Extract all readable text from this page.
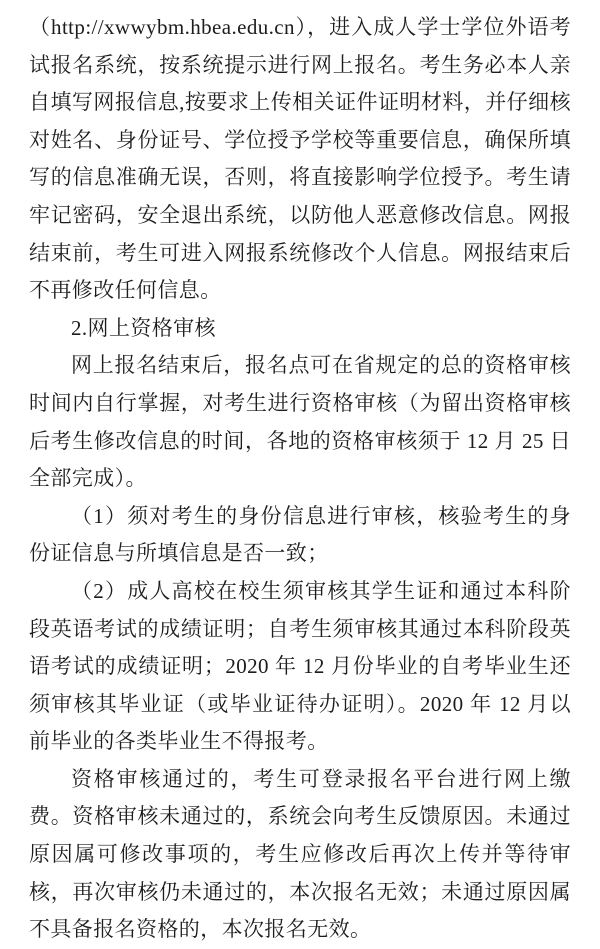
（http://xwwybm.hbea.edu.cn），进入成人学士学位外语考试报名系统，按系统提示进行网上报名。考生务必本人亲自填写网报信息,按要求上传相关证件证明材料，并仔细核对姓名、身份证号、学位授予学校等重要信息，确保所填写的信息准确无误，否则，将直接影响学位授予。考生请牢记密码，安全退出系统，以防他人恶意修改信息。网报结束前，考生可进入网报系统修改个人信息。网报结束后不再修改任何信息。

2.网上资格审核

网上报名结束后，报名点可在省规定的总的资格审核时间内自行掌握，对考生进行资格审核（为留出资格审核后考生修改信息的时间，各地的资格审核须于 12 月 25 日全部完成）。

（1）须对考生的身份信息进行审核，核验考生的身份证信息与所填信息是否一致；

（2）成人高校在校生须审核其学生证和通过本科阶段英语考试的成绩证明；自考生须审核其通过本科阶段英语考试的成绩证明；2020 年 12 月份毕业的自考毕业生还须审核其毕业证（或毕业证待办证明）。2020 年 12 月以前毕业的各类毕业生不得报考。

资格审核通过的，考生可登录报名平台进行网上缴费。资格审核未通过的，系统会向考生反馈原因。未通过原因属可修改事项的，考生应修改后再次上传并等待审核，再次审核仍未通过的，本次报名无效；未通过原因属不具备报名资格的，本次报名无效。
